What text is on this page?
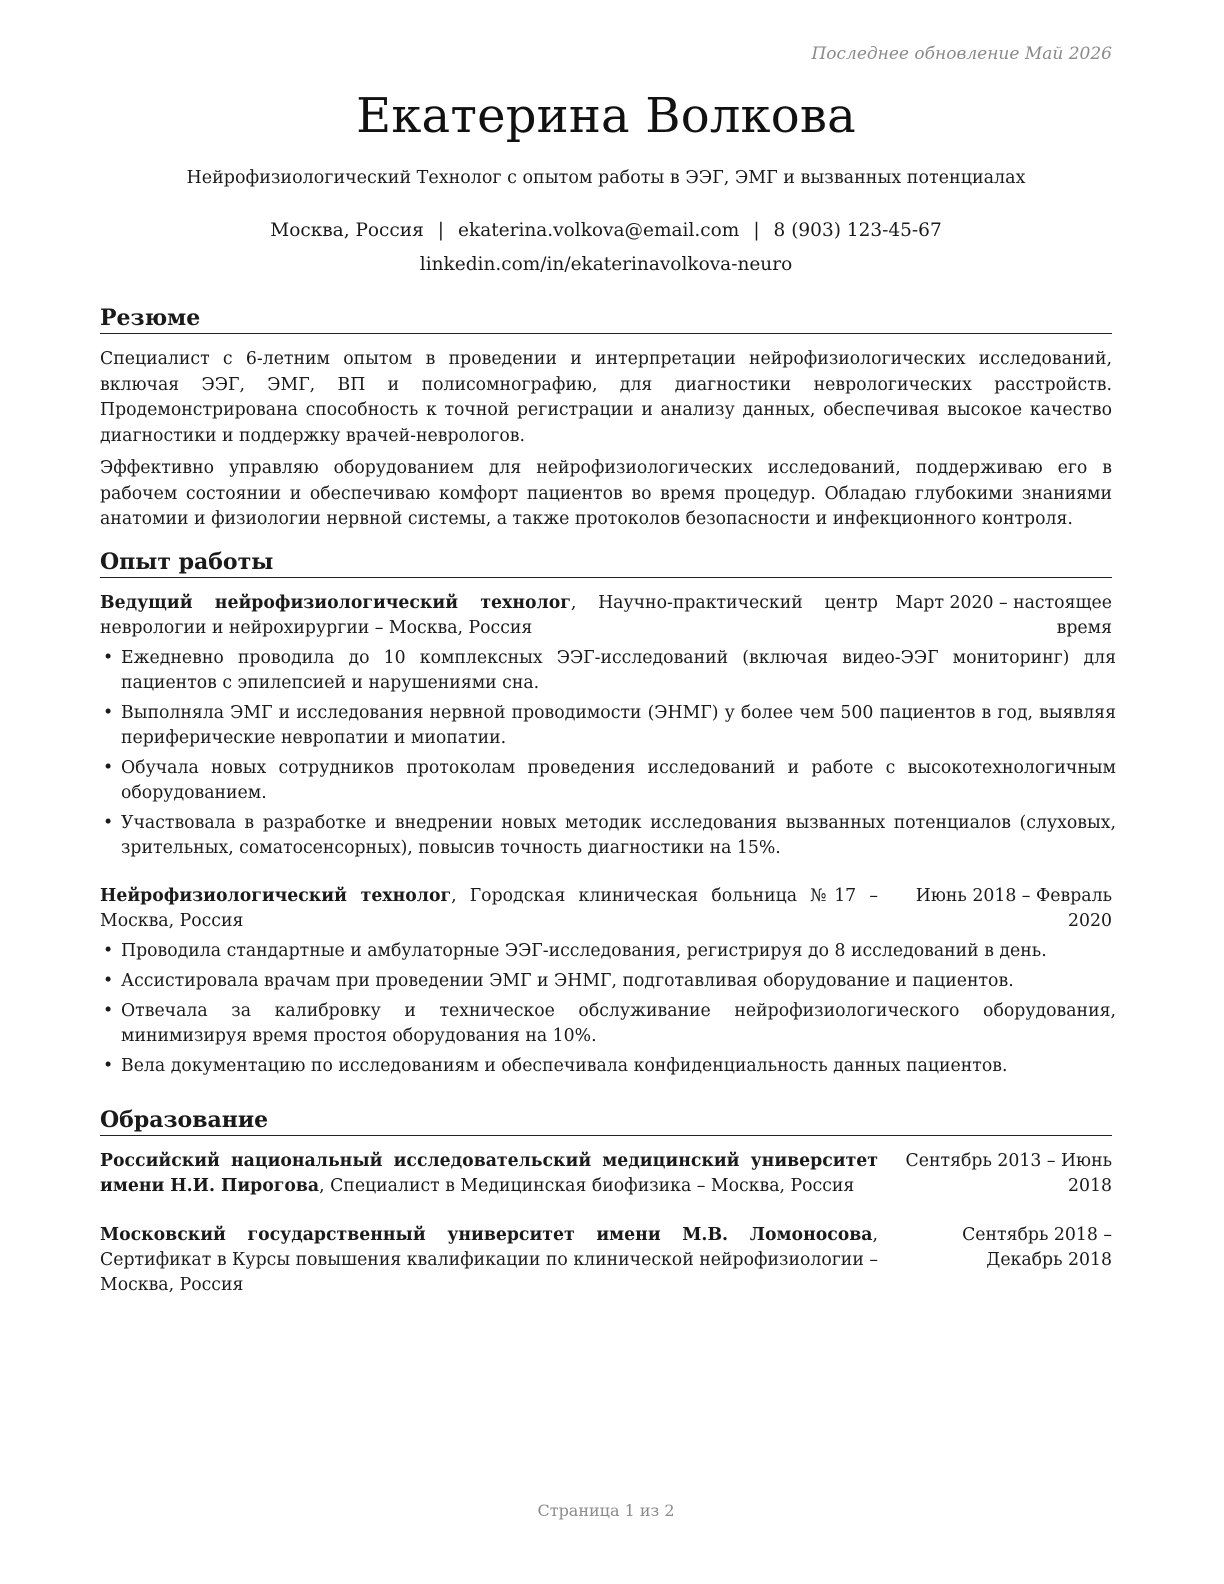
Последнее обновление Май 2026
Екатерина Волкова
Нейрофизиологический Технолог с опытом работы в ЭЭГ, ЭМГ и вызванных потенциалах
Москва, Россия | ekaterina.volkova@email.com | 8 (903) 123-45-67
linkedin.com/in/ekaterinavolkova-neuro
Резюме
Специалист с 6-летним опытом в проведении и интерпретации нейрофизиологических исследований, включая ЭЭГ, ЭМГ, ВП и полисомнографию, для диагностики неврологических расстройств. Продемонстрирована способность к точной регистрации и анализу данных, обеспечивая высокое качество диагностики и поддержку врачей-неврологов.
Эффективно управляю оборудованием для нейрофизиологических исследований, поддерживаю его в рабочем состоянии и обеспечиваю комфорт пациентов во время процедур. Обладаю глубокими знаниями анатомии и физиологии нервной системы, а также протоколов безопасности и инфекционного контроля.
Опыт работы
Ведущий нейрофизиологический технолог, Научно-практический центр неврологии и нейрохирургии – Москва, Россия
Март 2020 – настоящее время
• Ежедневно проводила до 10 комплексных ЭЭГ-исследований (включая видео-ЭЭГ мониторинг) для пациентов с эпилепсией и нарушениями сна.
• Выполняла ЭМГ и исследования нервной проводимости (ЭНМГ) у более чем 500 пациентов в год, выявляя периферические невропатии и миопатии.
• Обучала новых сотрудников протоколам проведения исследований и работе с высокотехнологичным оборудованием.
• Участвовала в разработке и внедрении новых методик исследования вызванных потенциалов (слуховых, зрительных, соматосенсорных), повысив точность диагностики на 15%.
Нейрофизиологический технолог, Городская клиническая больница №17 – Москва, Россия
Июнь 2018 – Февраль 2020
• Проводила стандартные и амбулаторные ЭЭГ-исследования, регистрируя до 8 исследований в день.
• Ассистировала врачам при проведении ЭМГ и ЭНМГ, подготавливая оборудование и пациентов.
• Отвечала за калибровку и техническое обслуживание нейрофизиологического оборудования, минимизируя время простоя оборудования на 10%.
• Вела документацию по исследованиям и обеспечивала конфиденциальность данных пациентов.
Образование
Российский национальный исследовательский медицинский университет имени Н.И. Пирогова, Специалист в Медицинская биофизика – Москва, Россия
Сентябрь 2013 – Июнь 2018
Московский государственный университет имени М.В. Ломоносова, Сертификат в Курсы повышения квалификации по клинической нейрофизиологии – Москва, Россия
Сентябрь 2018 – Декабрь 2018
Страница 1 из 2
